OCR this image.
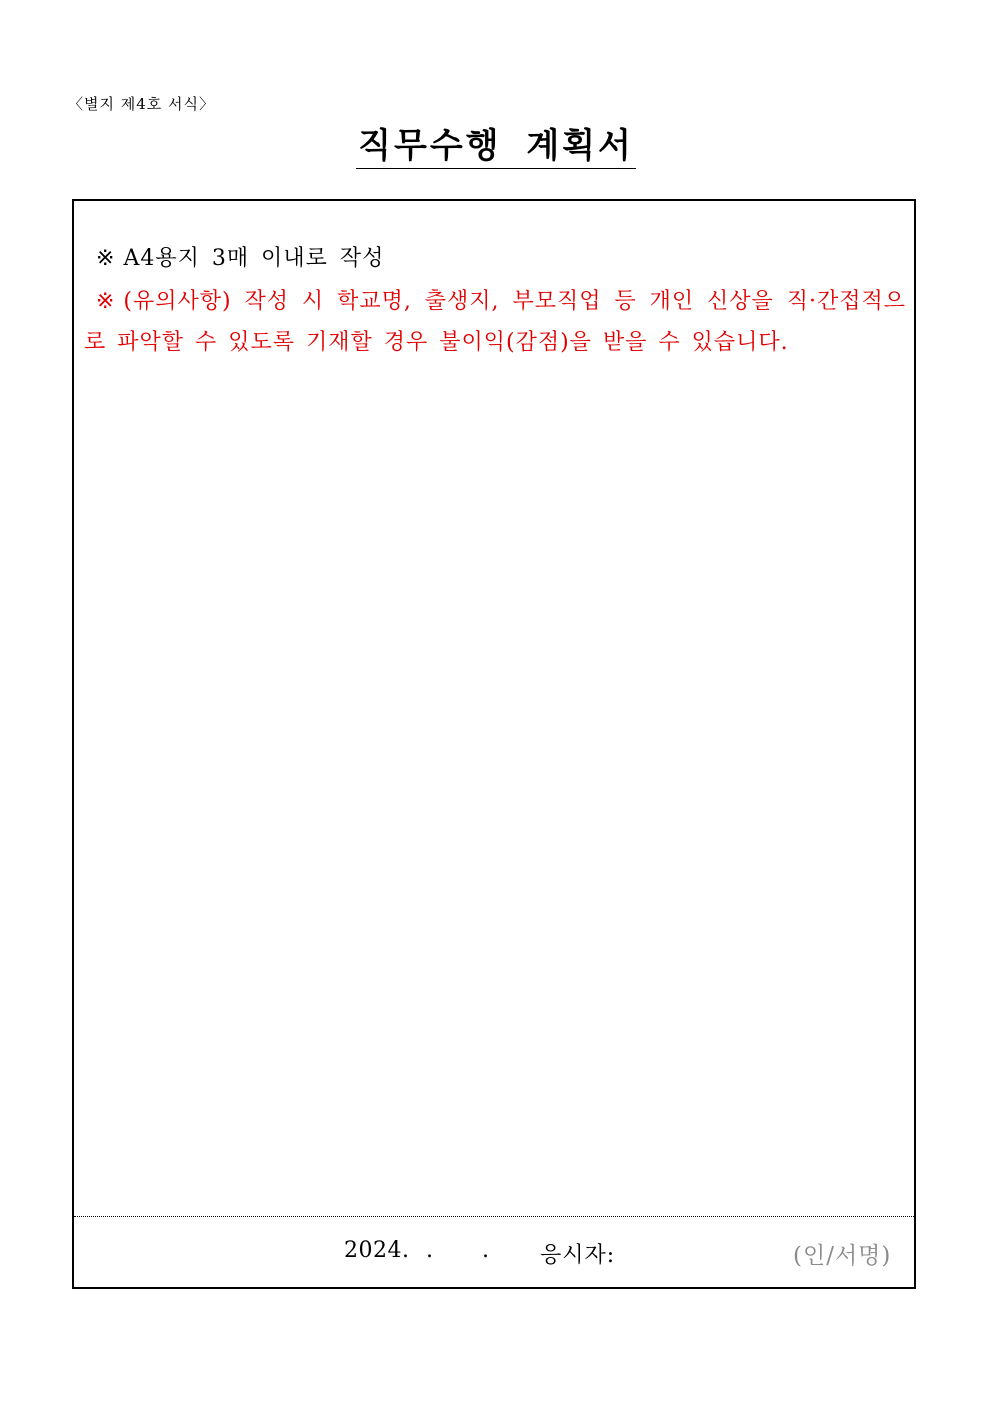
〈별지 제4호 서식〉
직무수행 계획서
※ A4용지 3매 이내로 작성
※ (유의사항) 작성 시 학교명, 출생지, 부모직업 등 개인 신상을 직·간접적으로 파악할 수 있도록 기재할 경우 불이익(감점)을 받을 수 있습니다.
2024. . . 응시자:	(인/서명)
